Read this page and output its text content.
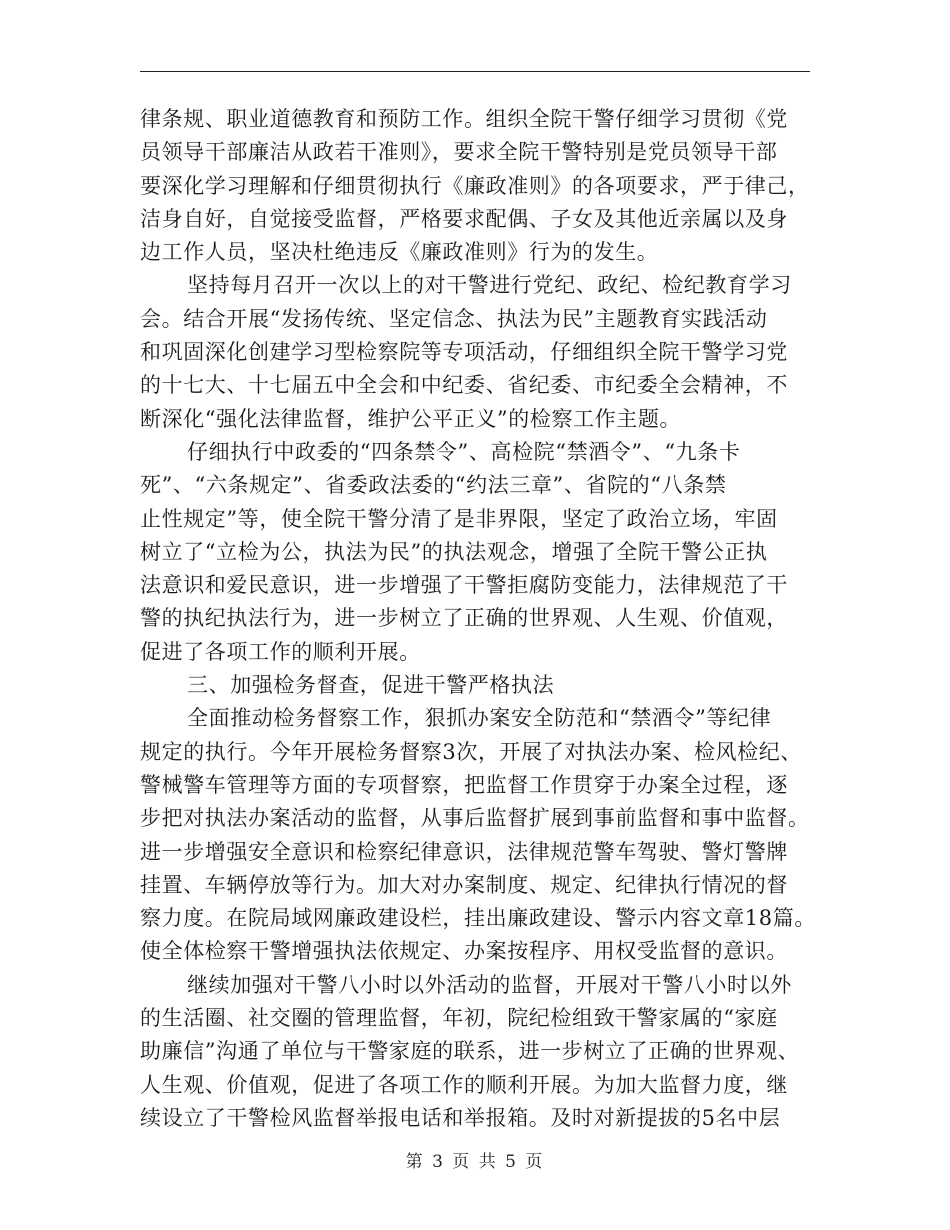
律条规、职业道德教育和预防工作。组织全院干警仔细学习贯彻《党
员领导干部廉洁从政若干准则》，要求全院干警特别是党员领导干部
要深化学习理解和仔细贯彻执行《廉政准则》的各项要求，严于律己，
洁身自好，自觉接受监督，严格要求配偶、子女及其他近亲属以及身
边工作人员，坚决杜绝违反《廉政准则》行为的发生。
坚持每月召开一次以上的对干警进行党纪、政纪、检纪教育学习
会。结合开展“发扬传统、坚定信念、执法为民”主题教育实践活动
和巩固深化创建学习型检察院等专项活动，仔细组织全院干警学习党
的十七大、十七届五中全会和中纪委、省纪委、市纪委全会精神，不
断深化“强化法律监督，维护公平正义”的检察工作主题。
仔细执行中政委的“四条禁令”、高检院“禁酒令”、“九条卡
死”、“六条规定”、省委政法委的“约法三章”、省院的“八条禁
止性规定”等，使全院干警分清了是非界限，坚定了政治立场，牢固
树立了“立检为公，执法为民”的执法观念，增强了全院干警公正执
法意识和爱民意识，进一步增强了干警拒腐防变能力，法律规范了干
警的执纪执法行为，进一步树立了正确的世界观、人生观、价值观，
促进了各项工作的顺利开展。
三、加强检务督查，促进干警严格执法
全面推动检务督察工作，狠抓办案安全防范和“禁酒令”等纪律
规定的执行。今年开展检务督察3次，开展了对执法办案、检风检纪、
警械警车管理等方面的专项督察，把监督工作贯穿于办案全过程，逐
步把对执法办案活动的监督，从事后监督扩展到事前监督和事中监督。
进一步增强安全意识和检察纪律意识，法律规范警车驾驶、警灯警牌
挂置、车辆停放等行为。加大对办案制度、规定、纪律执行情况的督
察力度。在院局域网廉政建设栏，挂出廉政建设、警示内容文章18篇。
使全体检察干警增强执法依规定、办案按程序、用权受监督的意识。
继续加强对干警八小时以外活动的监督，开展对干警八小时以外
的生活圈、社交圈的管理监督，年初，院纪检组致干警家属的“家庭
助廉信”沟通了单位与干警家庭的联系，进一步树立了正确的世界观、
人生观、价值观，促进了各项工作的顺利开展。为加大监督力度，继
续设立了干警检风监督举报电话和举报箱。及时对新提拔的5名中层
第 3 页 共 5 页
